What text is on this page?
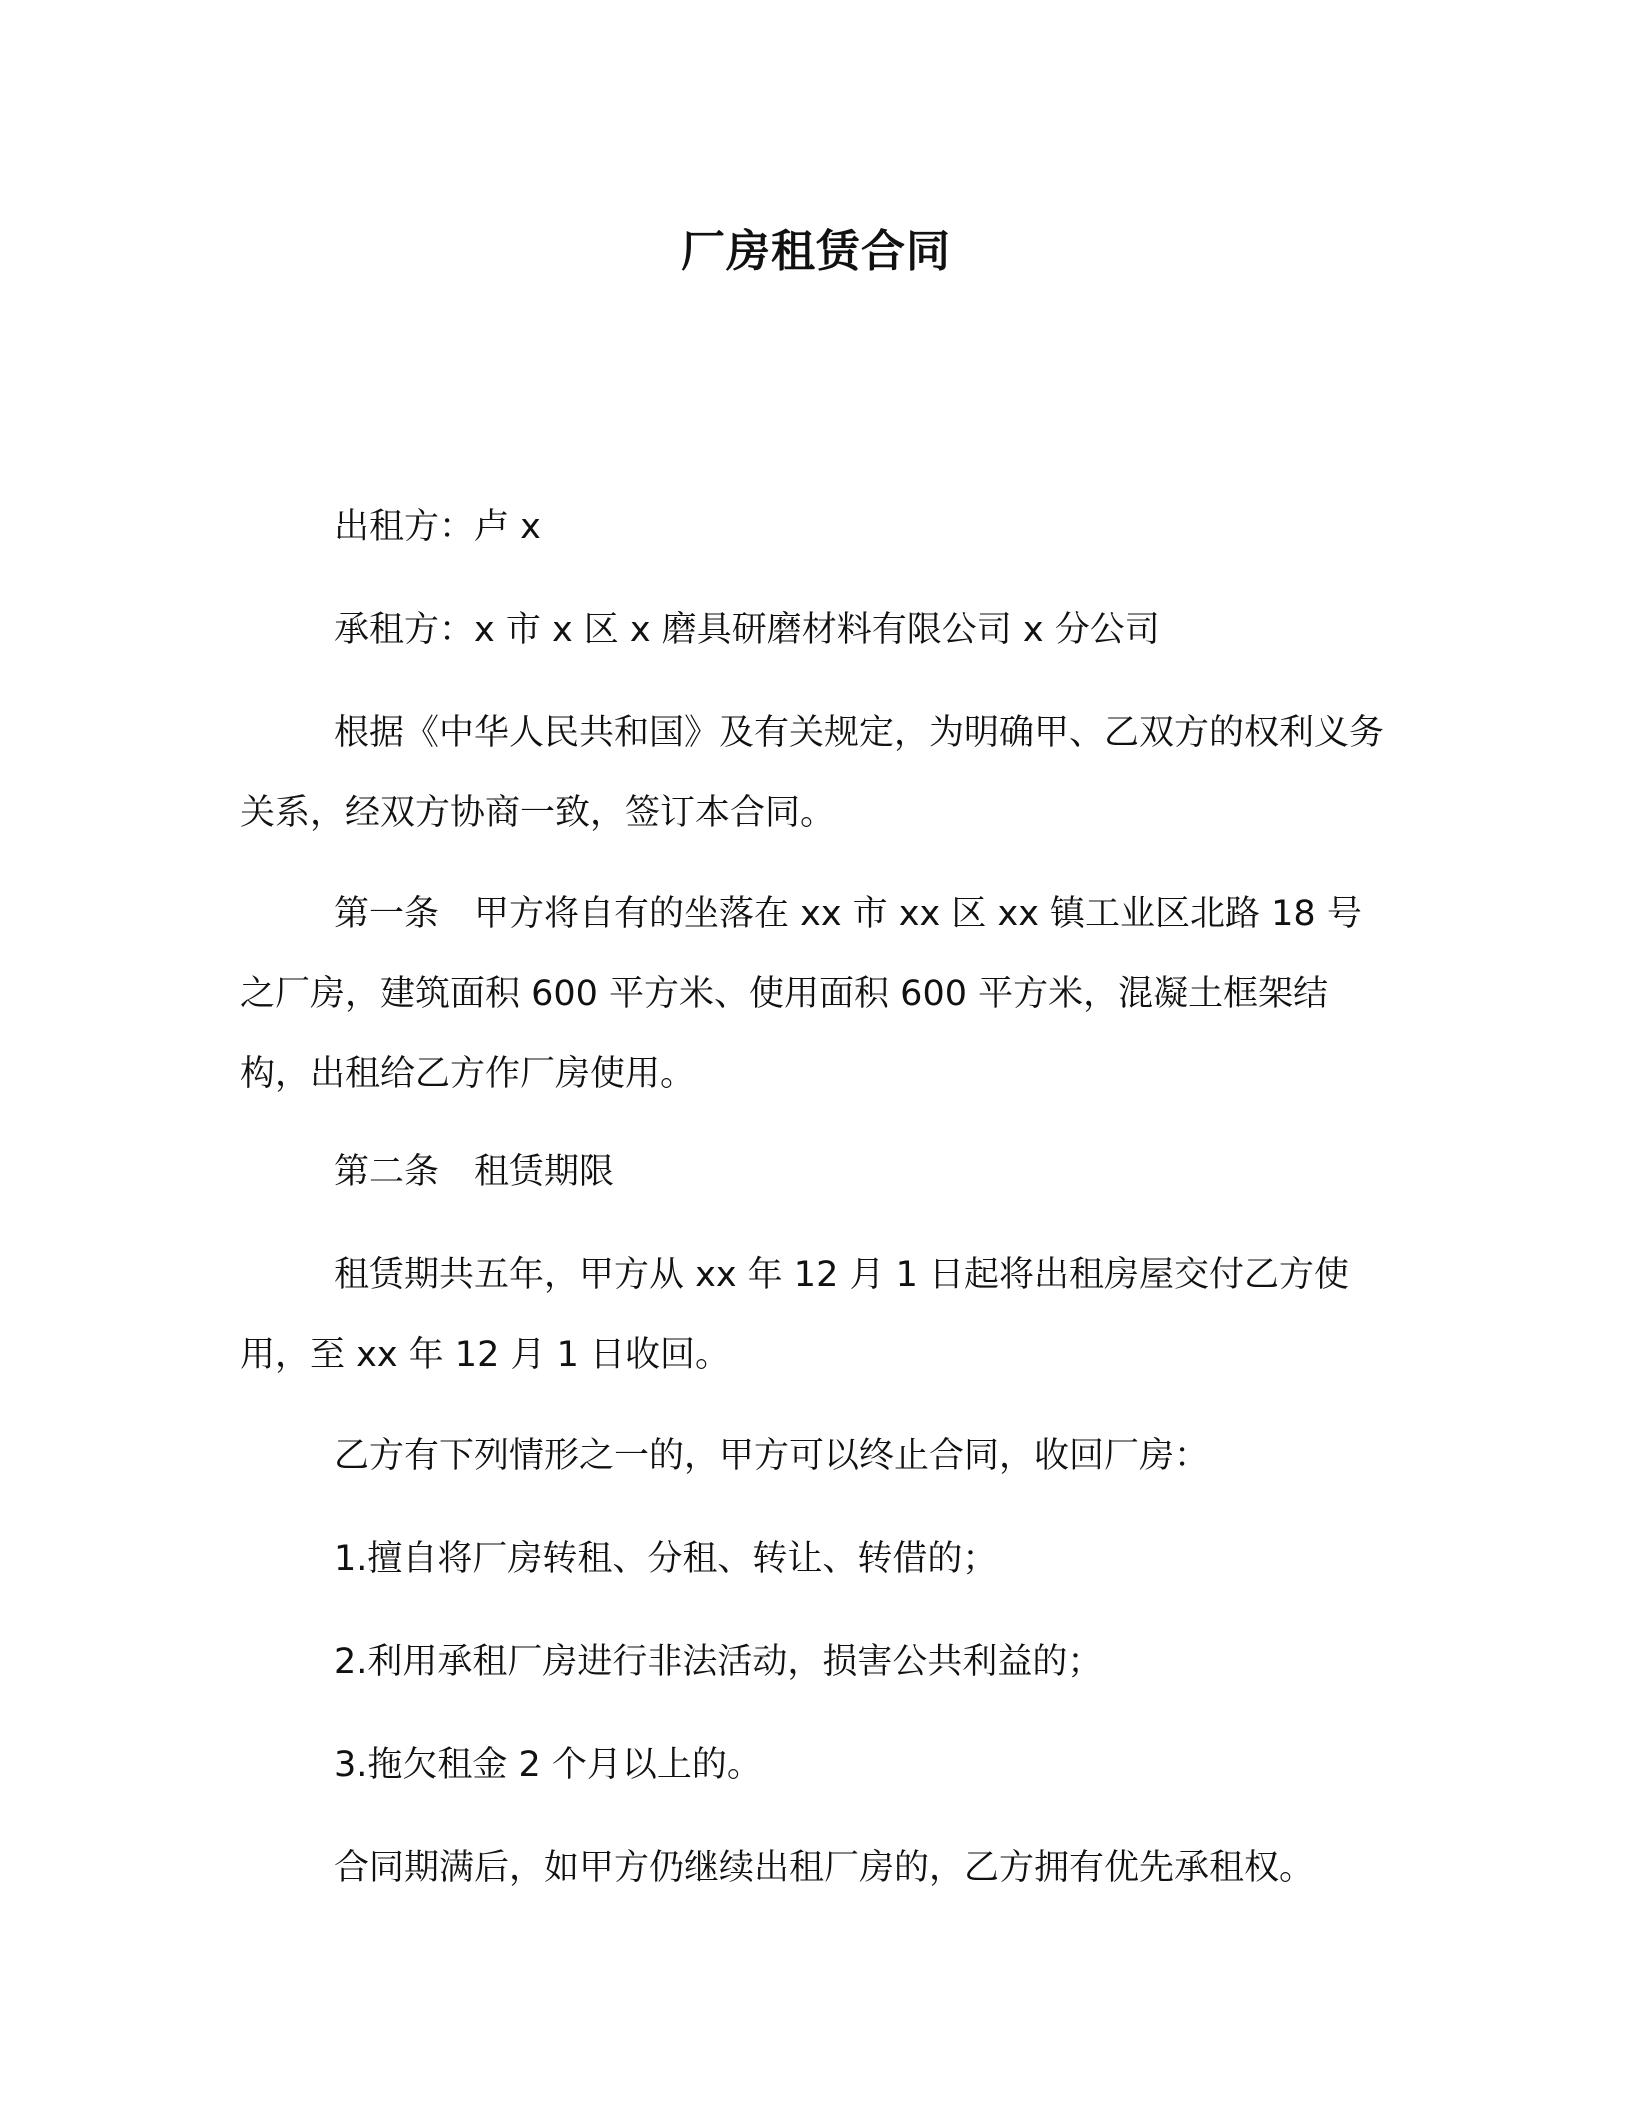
厂房租赁合同
出租方：卢 x
承租方：x 市 x 区 x 磨具研磨材料有限公司 x 分公司
根据《中华人民共和国》及有关规定，为明确甲、乙双方的权利义务关系，经双方协商一致，签订本合同。
第一条　甲方将自有的坐落在 xx 市 xx 区 xx 镇工业区北路 18 号之厂房，建筑面积 600 平方米、使用面积 600 平方米，混凝土框架结构，出租给乙方作厂房使用。
第二条　租赁期限
租赁期共五年，甲方从 xx 年 12 月 1 日起将出租房屋交付乙方使用，至 xx 年 12 月 1 日收回。
乙方有下列情形之一的，甲方可以终止合同，收回厂房：
1.擅自将厂房转租、分租、转让、转借的；
2.利用承租厂房进行非法活动，损害公共利益的；
3.拖欠租金 2 个月以上的。
合同期满后，如甲方仍继续出租厂房的，乙方拥有优先承租权。
